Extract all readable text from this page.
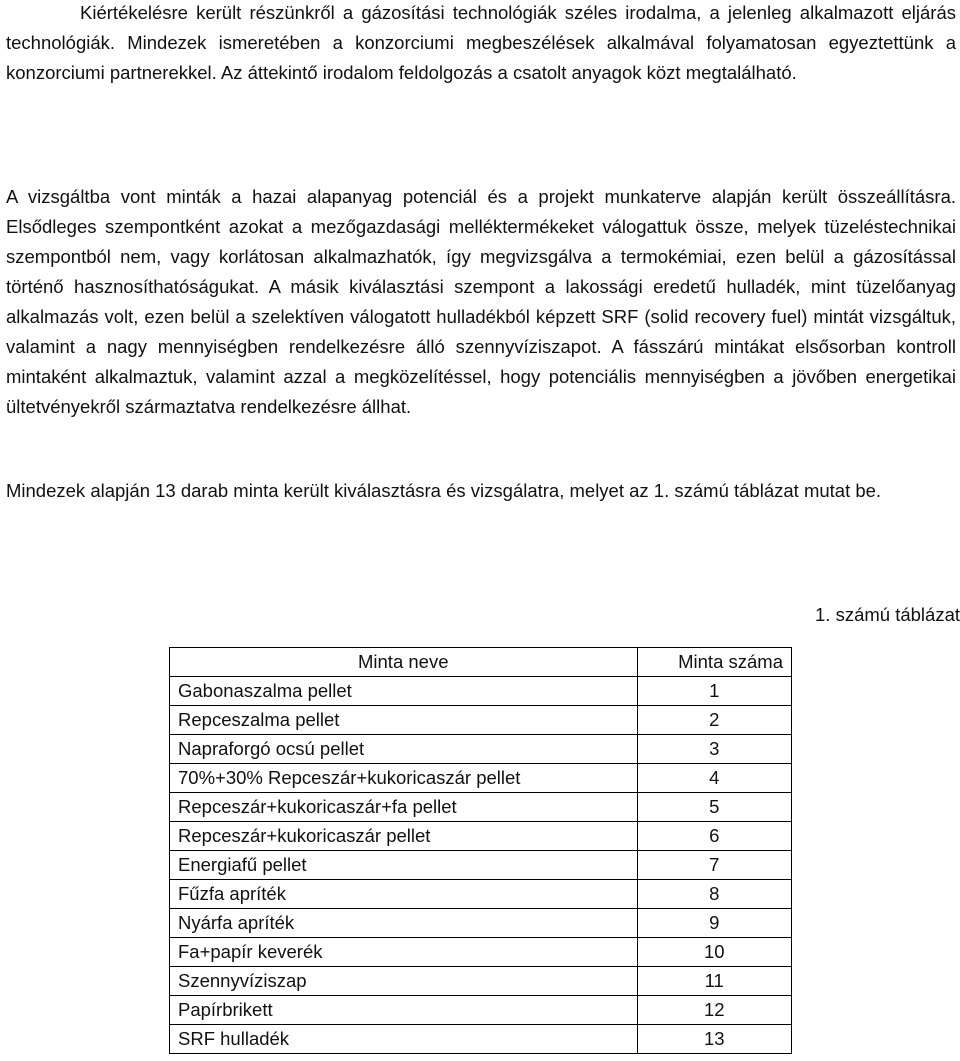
Kiértékelésre került részünkről a gázosítási technológiák széles irodalma, a jelenleg alkalmazott eljárás technológiák. Mindezek ismeretében a konzorciumi megbeszélések alkalmával folyamatosan egyeztettünk a konzorciumi partnerekkel. Az áttekintő irodalom feldolgozás a csatolt anyagok közt megtalálható.

A vizsgáltba vont minták a hazai alapanyag potenciál és a projekt munkaterve alapján került összeállításra. Elsődleges szempontként azokat a mezőgazdasági melléktermékeket válogattuk össze, melyek tüzeléstechnikai szempontból nem, vagy korlátosan alkalmazhatók, így megvizsgálva a termokémiai, ezen belül a gázosítással történő hasznosíthatóságukat. A másik kiválasztási szempont a lakossági eredetű hulladék, mint tüzelőanyag alkalmazás volt, ezen belül a szelektíven válogatott hulladékból képzett SRF (solid recovery fuel) mintát vizsgáltuk, valamint a nagy mennyiségben rendelkezésre álló szennyvíziszapot. A fásszárú mintákat elsősorban kontroll mintaként alkalmaztuk, valamint azzal a megközelítéssel, hogy potenciális mennyiségben a jövőben energetikai ültetvényekről származtatva rendelkezésre állhat.

Mindezek alapján 13 darab minta került kiválasztásra és vizsgálatra, melyet az 1. számú táblázat mutat be.

1. számú táblázat

Minta neve	Minta száma
Gabonaszalma pellet	1
Repceszalma pellet	2
Napraforgó ocsú pellet	3
70%+30% Repceszár+kukoricaszár pellet	4
Repceszár+kukoricaszár+fa pellet	5
Repceszár+kukoricaszár pellet	6
Energiafű pellet	7
Fűzfa apríték	8
Nyárfa apríték	9
Fa+papír keverék	10
Szennyvíziszap	11
Papírbrikett	12
SRF hulladék	13
